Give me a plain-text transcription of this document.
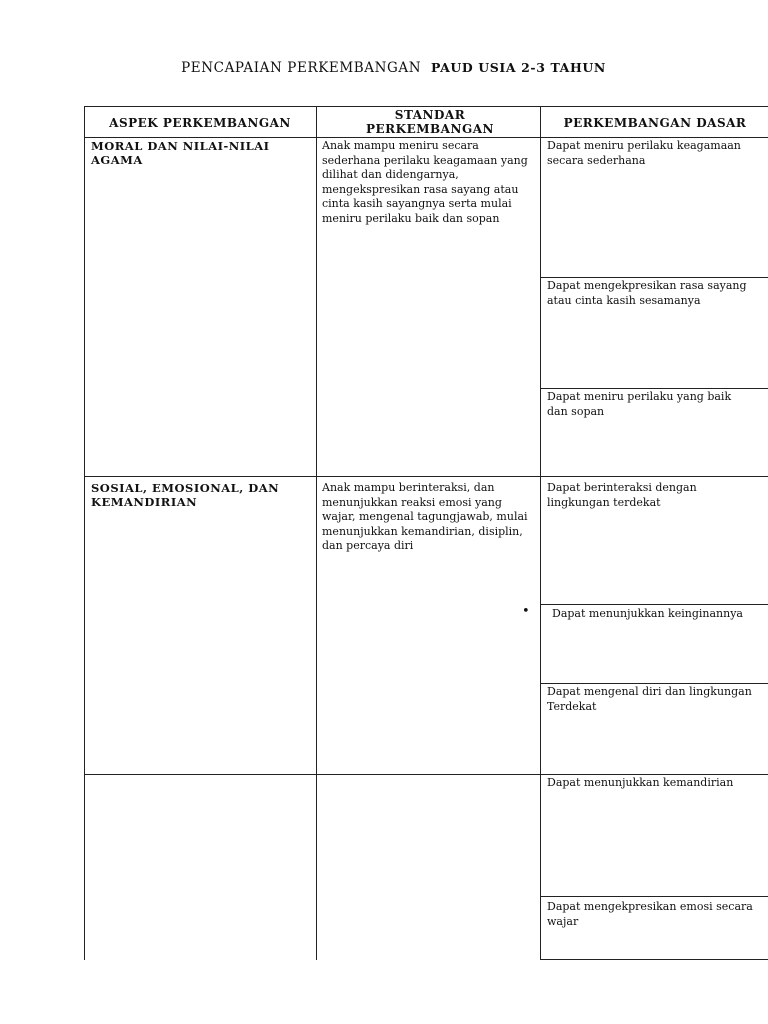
PENCAPAIAN PERKEMBANGAN PAUD USIA 2-3 TAHUN
ASPEK PERKEMBANGAN
STANDAR PERKEMBANGAN	PERKEMBANGAN DASAR
MORAL DAN NILAI-NILAI AGAMA
Anak mampu meniru secara sederhana perilaku keagamaan yang dilihat dan didengarnya, mengekspresikan rasa sayang atau cinta kasih sayangnya serta mulai meniru perilaku baik dan sopan
Dapat meniru perilaku keagamaan secara sederhana
Dapat mengekpresikan rasa sayang atau cinta kasih sesamanya
Dapat meniru perilaku yang baik dan sopan
SOSIAL, EMOSIONAL, DAN KEMANDIRIAN
Anak mampu berinteraksi, dan menunjukkan reaksi emosi yang wajar, mengenal tagungjawab, mulai menunjukkan kemandirian, disiplin, dan percaya diri
Dapat berinteraksi dengan lingkungan terdekat
• Dapat menunjukkan keinginannya
Dapat mengenal diri dan lingkungan Terdekat
Dapat menunjukkan kemandirian
Dapat mengekpresikan emosi secara wajar
